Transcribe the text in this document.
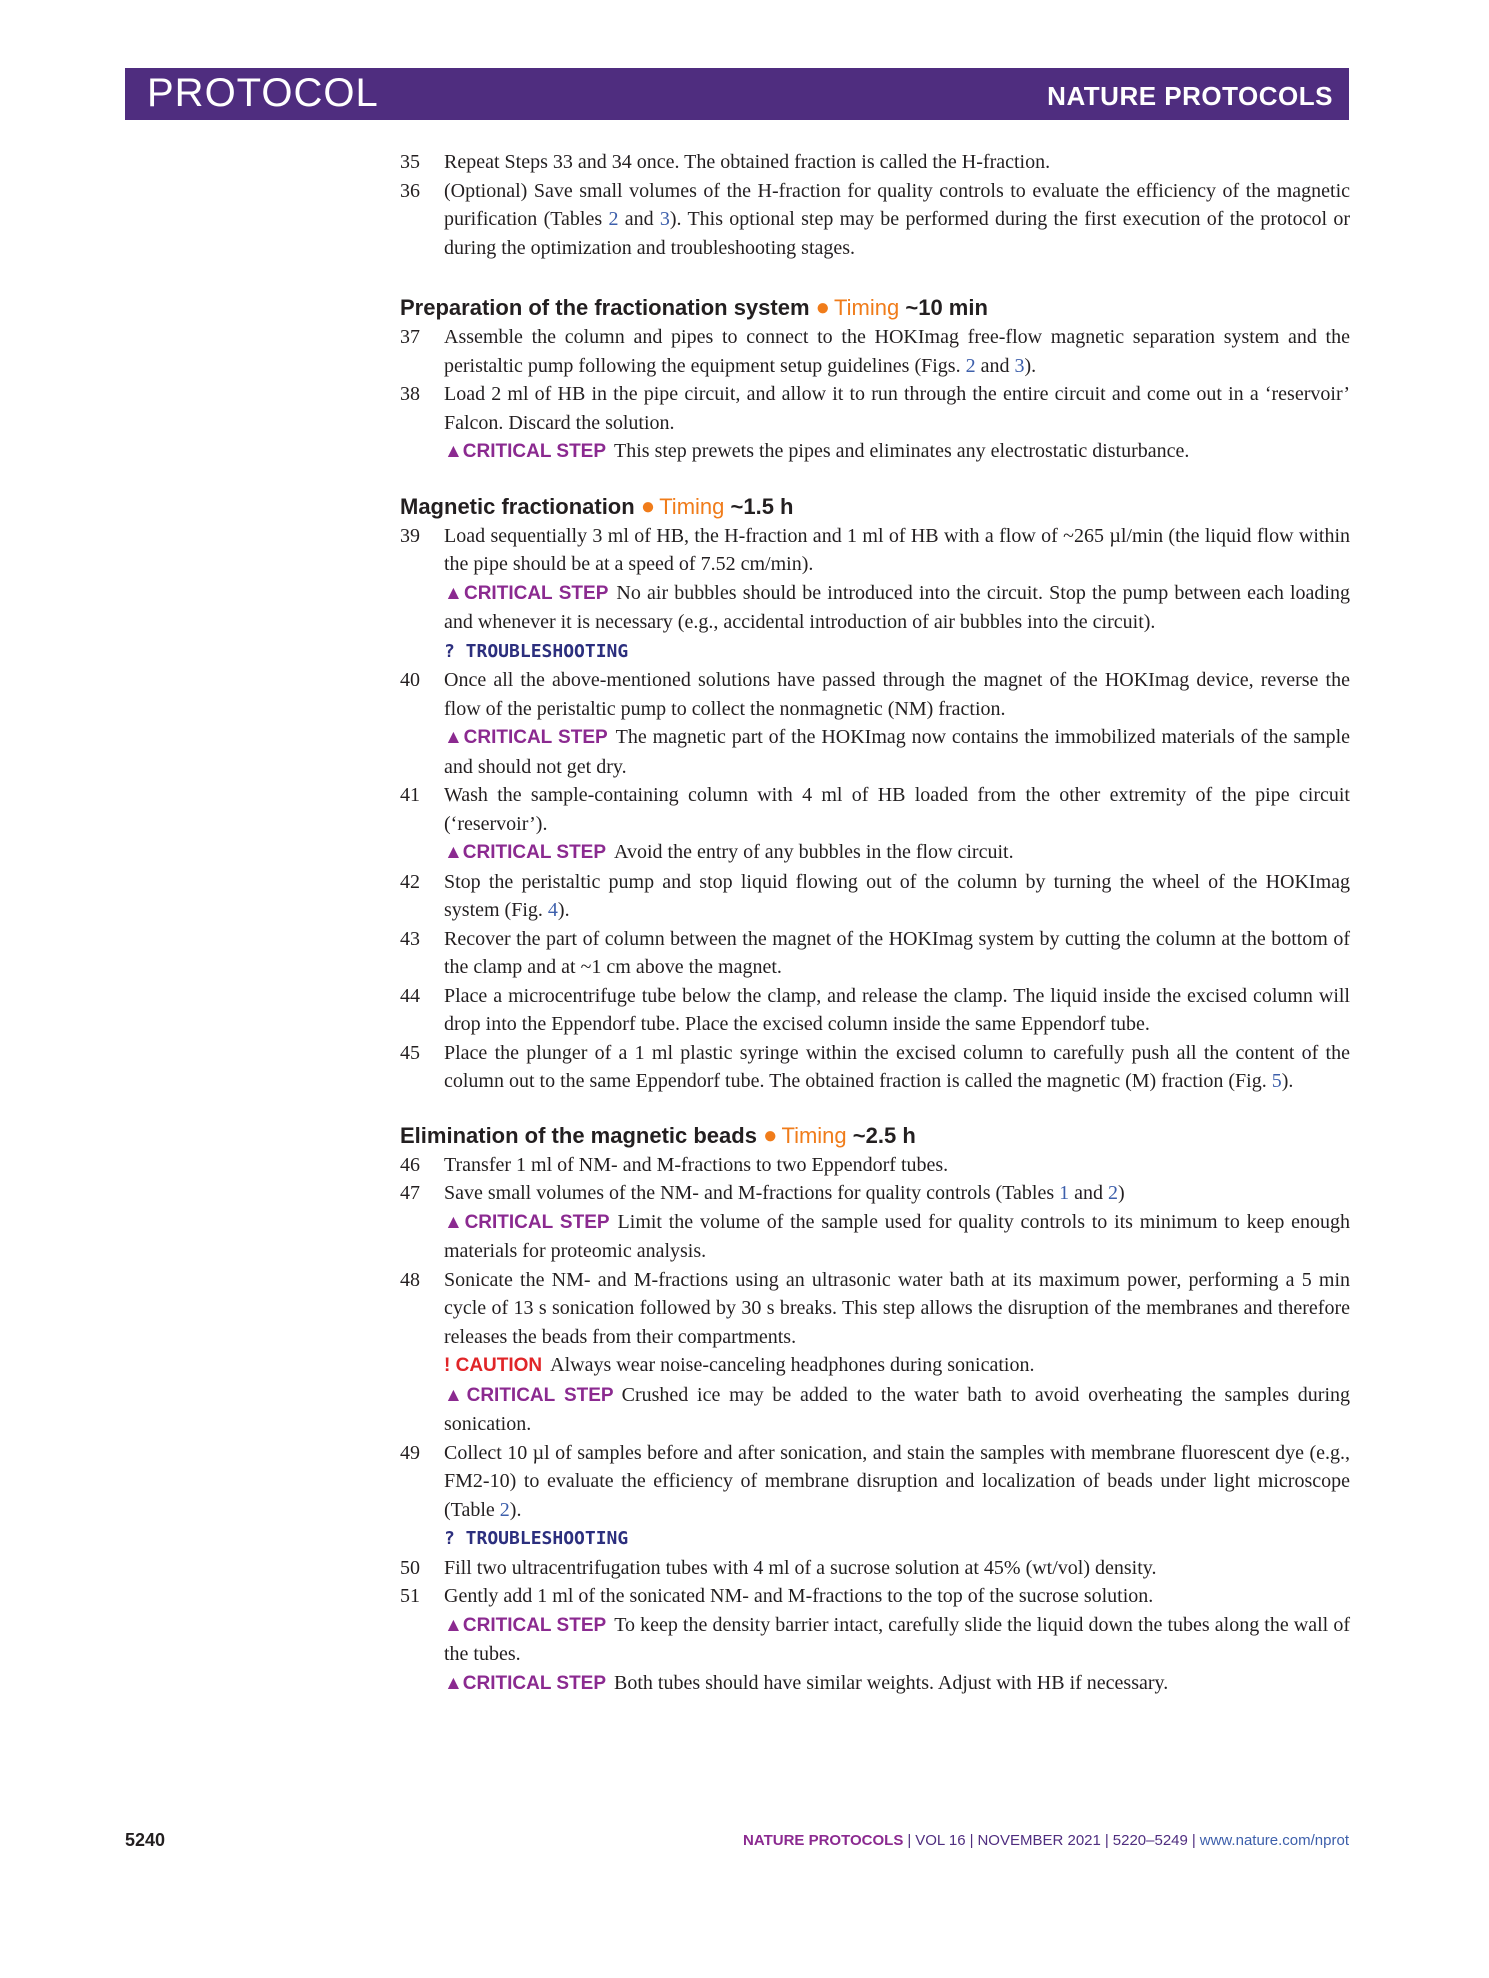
PROTOCOL	NATURE PROTOCOLS
35	Repeat Steps 33 and 34 once. The obtained fraction is called the H-fraction.
36	(Optional) Save small volumes of the H-fraction for quality controls to evaluate the efficiency of the magnetic purification (Tables 2 and 3). This optional step may be performed during the first execution of the protocol or during the optimization and troubleshooting stages.
Preparation of the fractionation system ● Timing ~10 min
37	Assemble the column and pipes to connect to the HOKImag free-flow magnetic separation system and the peristaltic pump following the equipment setup guidelines (Figs. 2 and 3).
38	Load 2 ml of HB in the pipe circuit, and allow it to run through the entire circuit and come out in a ‘reservoir’ Falcon. Discard the solution.
▲CRITICAL STEP This step prewets the pipes and eliminates any electrostatic disturbance.
Magnetic fractionation ● Timing ~1.5 h
39	Load sequentially 3 ml of HB, the H-fraction and 1 ml of HB with a flow of ~265 µl/min (the liquid flow within the pipe should be at a speed of 7.52 cm/min).
▲CRITICAL STEP No air bubbles should be introduced into the circuit. Stop the pump between each loading and whenever it is necessary (e.g., accidental introduction of air bubbles into the circuit).
? TROUBLESHOOTING
40	Once all the above-mentioned solutions have passed through the magnet of the HOKImag device, reverse the flow of the peristaltic pump to collect the nonmagnetic (NM) fraction.
▲CRITICAL STEP The magnetic part of the HOKImag now contains the immobilized materials of the sample and should not get dry.
41	Wash the sample-containing column with 4 ml of HB loaded from the other extremity of the pipe circuit (‘reservoir’).
▲CRITICAL STEP Avoid the entry of any bubbles in the flow circuit.
42	Stop the peristaltic pump and stop liquid flowing out of the column by turning the wheel of the HOKImag system (Fig. 4).
43	Recover the part of column between the magnet of the HOKImag system by cutting the column at the bottom of the clamp and at ~1 cm above the magnet.
44	Place a microcentrifuge tube below the clamp, and release the clamp. The liquid inside the excised column will drop into the Eppendorf tube. Place the excised column inside the same Eppendorf tube.
45	Place the plunger of a 1 ml plastic syringe within the excised column to carefully push all the content of the column out to the same Eppendorf tube. The obtained fraction is called the magnetic (M) fraction (Fig. 5).
Elimination of the magnetic beads ● Timing ~2.5 h
46	Transfer 1 ml of NM- and M-fractions to two Eppendorf tubes.
47	Save small volumes of the NM- and M-fractions for quality controls (Tables 1 and 2)
▲CRITICAL STEP Limit the volume of the sample used for quality controls to its minimum to keep enough materials for proteomic analysis.
48	Sonicate the NM- and M-fractions using an ultrasonic water bath at its maximum power, performing a 5 min cycle of 13 s sonication followed by 30 s breaks. This step allows the disruption of the membranes and therefore releases the beads from their compartments.
! CAUTION Always wear noise-canceling headphones during sonication.
▲CRITICAL STEP Crushed ice may be added to the water bath to avoid overheating the samples during sonication.
49	Collect 10 µl of samples before and after sonication, and stain the samples with membrane fluorescent dye (e.g., FM2-10) to evaluate the efficiency of membrane disruption and localization of beads under light microscope (Table 2).
? TROUBLESHOOTING
50	Fill two ultracentrifugation tubes with 4 ml of a sucrose solution at 45% (wt/vol) density.
51	Gently add 1 ml of the sonicated NM- and M-fractions to the top of the sucrose solution.
▲CRITICAL STEP To keep the density barrier intact, carefully slide the liquid down the tubes along the wall of the tubes.
▲CRITICAL STEP Both tubes should have similar weights. Adjust with HB if necessary.
5240	NATURE PROTOCOLS | VOL 16 | NOVEMBER 2021 | 5220–5249 | www.nature.com/nprot
